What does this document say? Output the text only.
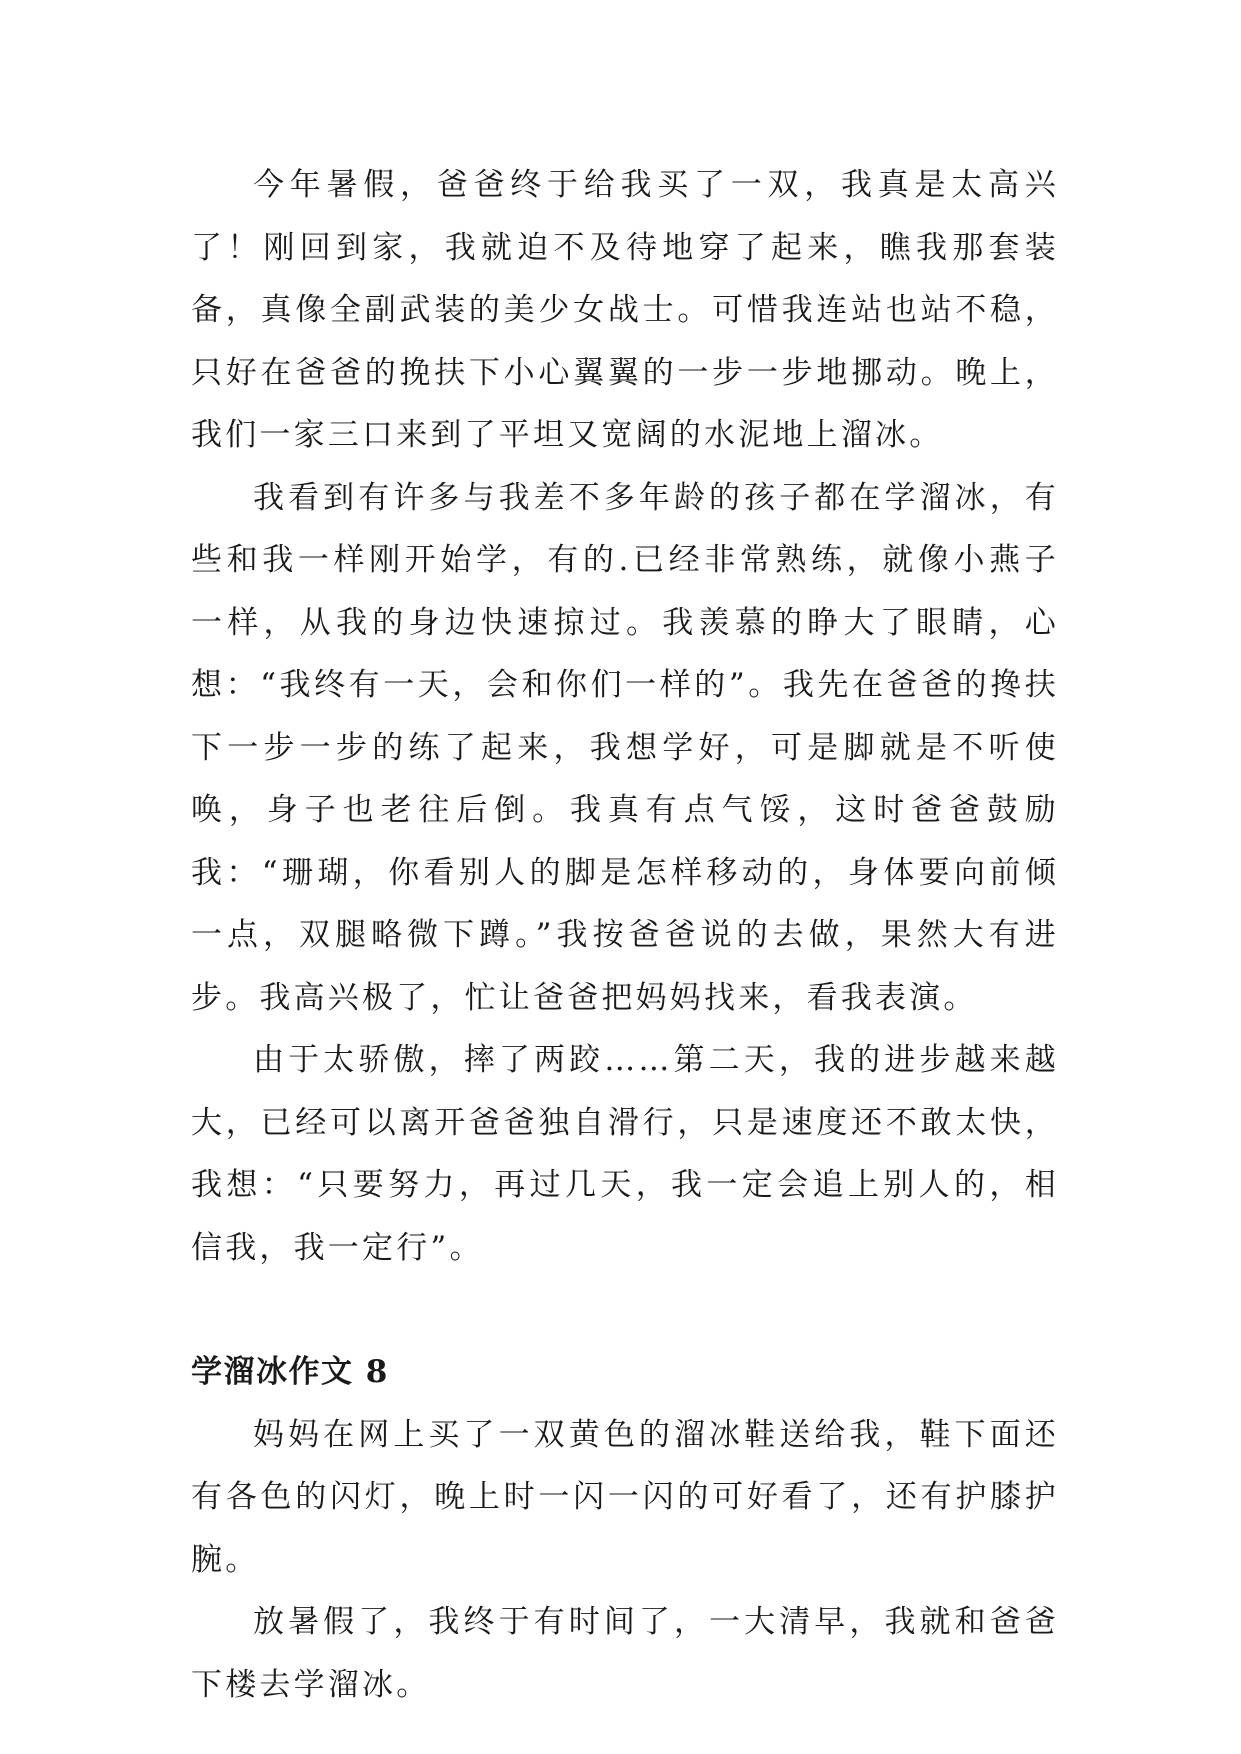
今年暑假，爸爸终于给我买了一双，我真是太高兴了！刚回到家，我就迫不及待地穿了起来，瞧我那套装备，真像全副武装的美少女战士。可惜我连站也站不稳，只好在爸爸的挽扶下小心翼翼的一步一步地挪动。晚上，我们一家三口来到了平坦又宽阔的水泥地上溜冰。

我看到有许多与我差不多年龄的孩子都在学溜冰，有些和我一样刚开始学，有的.已经非常熟练，就像小燕子一样，从我的身边快速掠过。我羡慕的睁大了眼睛，心想：“我终有一天，会和你们一样的”。我先在爸爸的搀扶下一步一步的练了起来，我想学好，可是脚就是不听使唤，身子也老往后倒。我真有点气馁，这时爸爸鼓励我：“珊瑚，你看别人的脚是怎样移动的，身体要向前倾一点，双腿略微下蹲。”我按爸爸说的去做，果然大有进步。我高兴极了，忙让爸爸把妈妈找来，看我表演。

由于太骄傲，摔了两跤……第二天，我的进步越来越大，已经可以离开爸爸独自滑行，只是速度还不敢太快，我想：“只要努力，再过几天，我一定会追上别人的，相信我，我一定行”。

学溜冰作文 8

妈妈在网上买了一双黄色的溜冰鞋送给我，鞋下面还有各色的闪灯，晚上时一闪一闪的可好看了，还有护膝护腕。

放暑假了，我终于有时间了，一大清早，我就和爸爸下楼去学溜冰。
